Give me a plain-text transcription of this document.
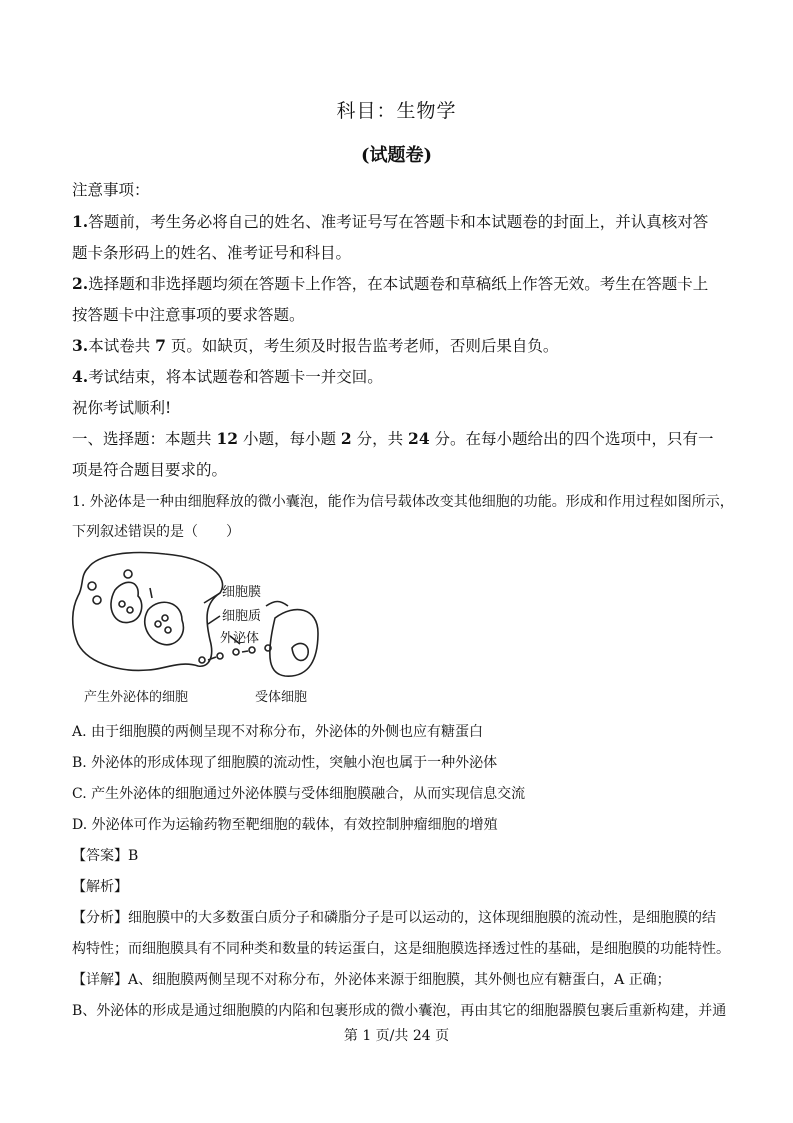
科目：生物学
(试题卷)
注意事项：
1.答题前，考生务必将自己的姓名、准考证号写在答题卡和本试题卷的封面上，并认真核对答
题卡条形码上的姓名、准考证号和科目。
2.选择题和非选择题均须在答题卡上作答，在本试题卷和草稿纸上作答无效。考生在答题卡上
按答题卡中注意事项的要求答题。
3.本试卷共 7 页。如缺页，考生须及时报告监考老师，否则后果自负。
4.考试结束，将本试题卷和答题卡一并交回。
祝你考试顺利!
一、选择题：本题共 12 小题，每小题 2 分，共 24 分。在每小题给出的四个选项中，只有一
项是符合题目要求的。
1. 外泌体是一种由细胞释放的微小囊泡，能作为信号载体改变其他细胞的功能。形成和作用过程如图所示，
下列叙述错误的是（　　）
细胞膜
细胞质
外泌体
产生外泌体的细胞	受体细胞
A. 由于细胞膜的两侧呈现不对称分布，外泌体的外侧也应有糖蛋白
B. 外泌体的形成体现了细胞膜的流动性，突触小泡也属于一种外泌体
C. 产生外泌体的细胞通过外泌体膜与受体细胞膜融合，从而实现信息交流
D. 外泌体可作为运输药物至靶细胞的载体，有效控制肿瘤细胞的增殖
【答案】B
【解析】
【分析】细胞膜中的大多数蛋白质分子和磷脂分子是可以运动的，这体现细胞膜的流动性，是细胞膜的结
构特性；而细胞膜具有不同种类和数量的转运蛋白，这是细胞膜选择透过性的基础，是细胞膜的功能特性。
【详解】A、细胞膜两侧呈现不对称分布，外泌体来源于细胞膜，其外侧也应有糖蛋白，A 正确；
B、外泌体的形成是通过细胞膜的内陷和包裹形成的微小囊泡，再由其它的细胞器膜包裹后重新构建，并通
第 1 页/共 24 页
